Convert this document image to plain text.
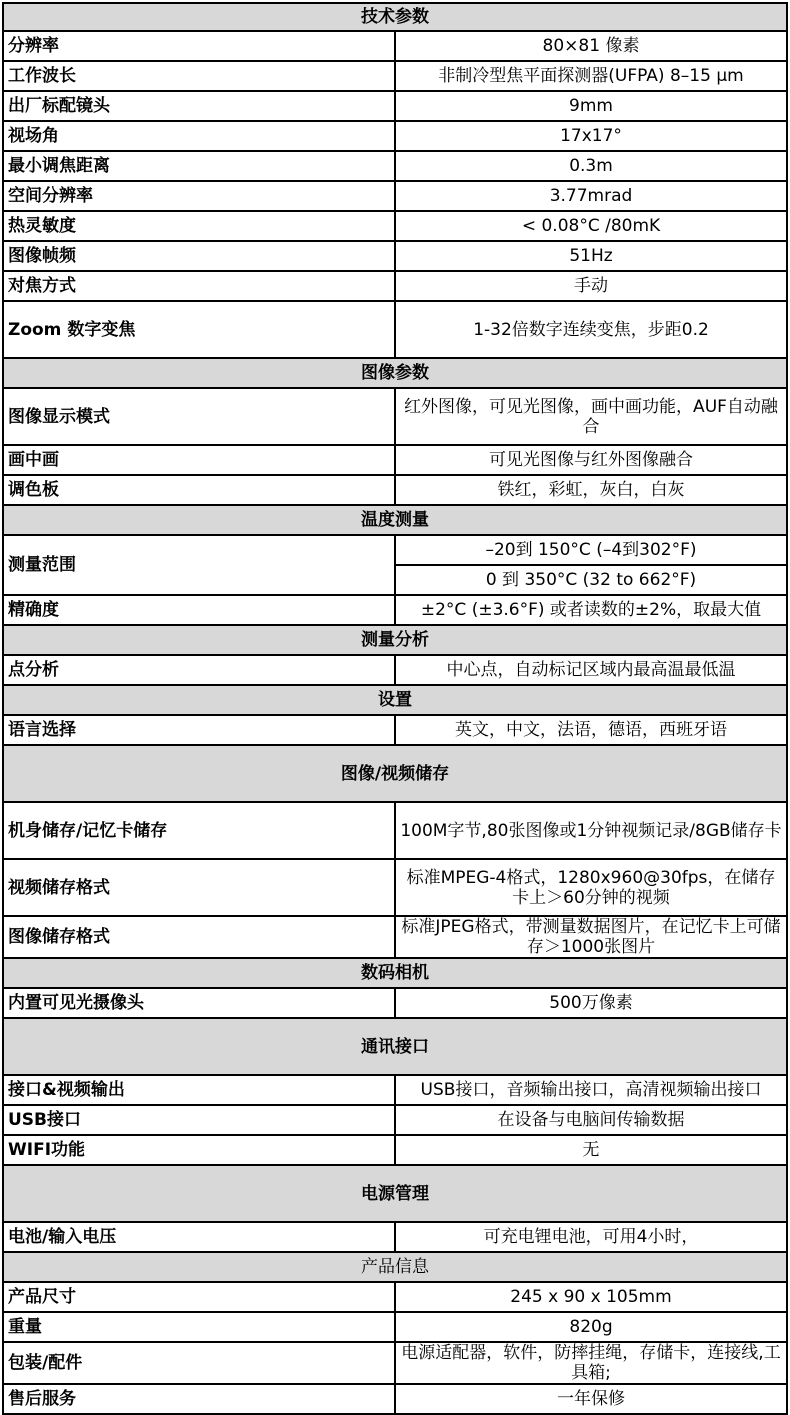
技术参数	
分辨率	80×81 像素
工作波长	非制冷型焦平面探测器(UFPA) 8–15 µm
出厂标配镜头	9mm
视场角	17x17°
最小调焦距离	0.3m
空间分辨率	3.77mrad
热灵敏度	< 0.08°C /80mK
图像帧频	51Hz
对焦方式	手动
Zoom 数字变焦	1-32倍数字连续变焦，步距0.2
图像参数	
图像显示模式	红外图像，可见光图像，画中画功能，AUF自动融合
画中画	可见光图像与红外图像融合
调色板	铁红，彩虹，灰白，白灰
温度测量	
测量范围	–20到 150°C (–4到302°F)
	0 到 350°C (32 to 662°F)
精确度	±2°C (±3.6°F) 或者读数的±2%，取最大值
测量分析	
点分析	中心点，自动标记区域内最高温最低温
设置	
语言选择	英文，中文，法语，德语，西班牙语
图像/视频储存	
机身储存/记忆卡储存	100M字节,80张图像或1分钟视频记录/8GB储存卡
视频储存格式	标准MPEG-4格式，1280x960@30fps，在储存卡上＞60分钟的视频
图像储存格式	标准JPEG格式，带测量数据图片，在记忆卡上可储存＞1000张图片
数码相机	
内置可见光摄像头	500万像素
通讯接口	
接口&视频输出	USB接口，音频输出接口，高清视频输出接口
USB接口	在设备与电脑间传输数据
WIFI功能	无
电源管理	
电池/输入电压	可充电锂电池，可用4小时，
产品信息	
产品尺寸	245 x 90 x 105mm
重量	820g
包装/配件	电源适配器，软件，防摔挂绳，存储卡，连接线,工具箱;
售后服务	一年保修
